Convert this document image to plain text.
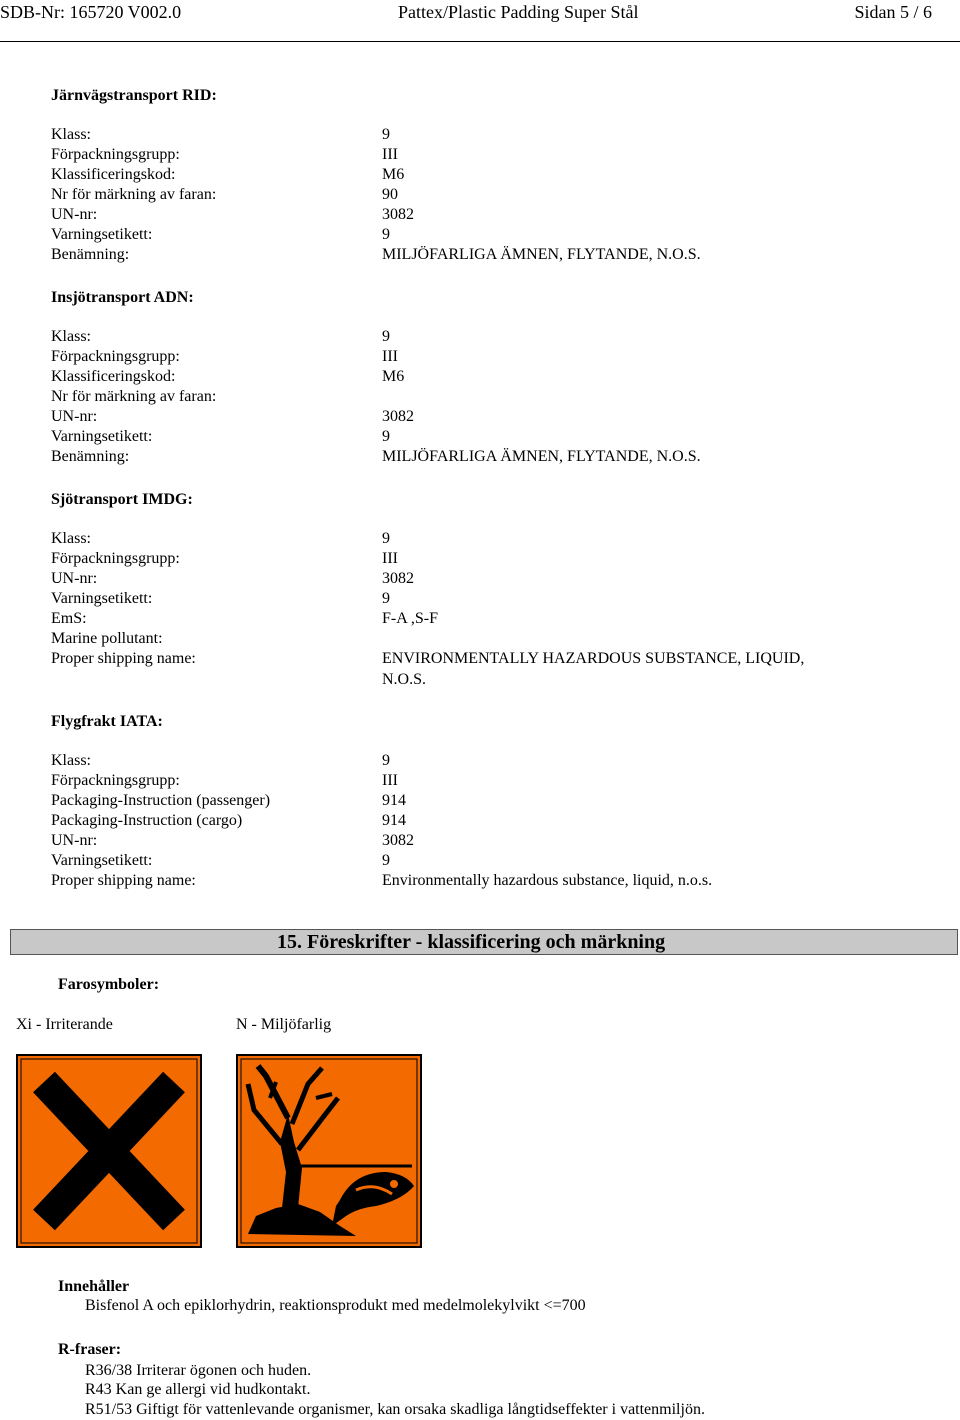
SDB-Nr: 165720 V002.0	Pattex/Plastic Padding Super Stål	Sidan 5 / 6
Järnvägstransport RID:
Klass:	9
Förpackningsgrupp:	III
Klassificeringskod:	M6
Nr för märkning av faran:	90
UN-nr:	3082
Varningsetikett:	9
Benämning:	MILJÖFARLIGA ÄMNEN, FLYTANDE, N.O.S.
Insjötransport ADN:
Klass:	9
Förpackningsgrupp:	III
Klassificeringskod:	M6
Nr för märkning av faran:
UN-nr:	3082
Varningsetikett:	9
Benämning:	MILJÖFARLIGA ÄMNEN, FLYTANDE, N.O.S.
Sjötransport IMDG:
Klass:	9
Förpackningsgrupp:	III
UN-nr:	3082
Varningsetikett:	9
EmS:	F-A ,S-F
Marine pollutant:
Proper shipping name:	ENVIRONMENTALLY HAZARDOUS SUBSTANCE, LIQUID,
N.O.S.
Flygfrakt IATA:
Klass:	9
Förpackningsgrupp:	III
Packaging-Instruction (passenger)	914
Packaging-Instruction (cargo)	914
UN-nr:	3082
Varningsetikett:	9
Proper shipping name:	Environmentally hazardous substance, liquid, n.o.s.
15. Föreskrifter - klassificering och märkning
Farosymboler:
Xi - Irriterande	N - Miljöfarlig
Innehåller
Bisfenol A och epiklorhydrin, reaktionsprodukt med medelmolekylvikt <=700
R-fraser:
R36/38 Irriterar ögonen och huden.
R43 Kan ge allergi vid hudkontakt.
R51/53 Giftigt för vattenlevande organismer, kan orsaka skadliga långtidseffekter i vattenmiljön.
